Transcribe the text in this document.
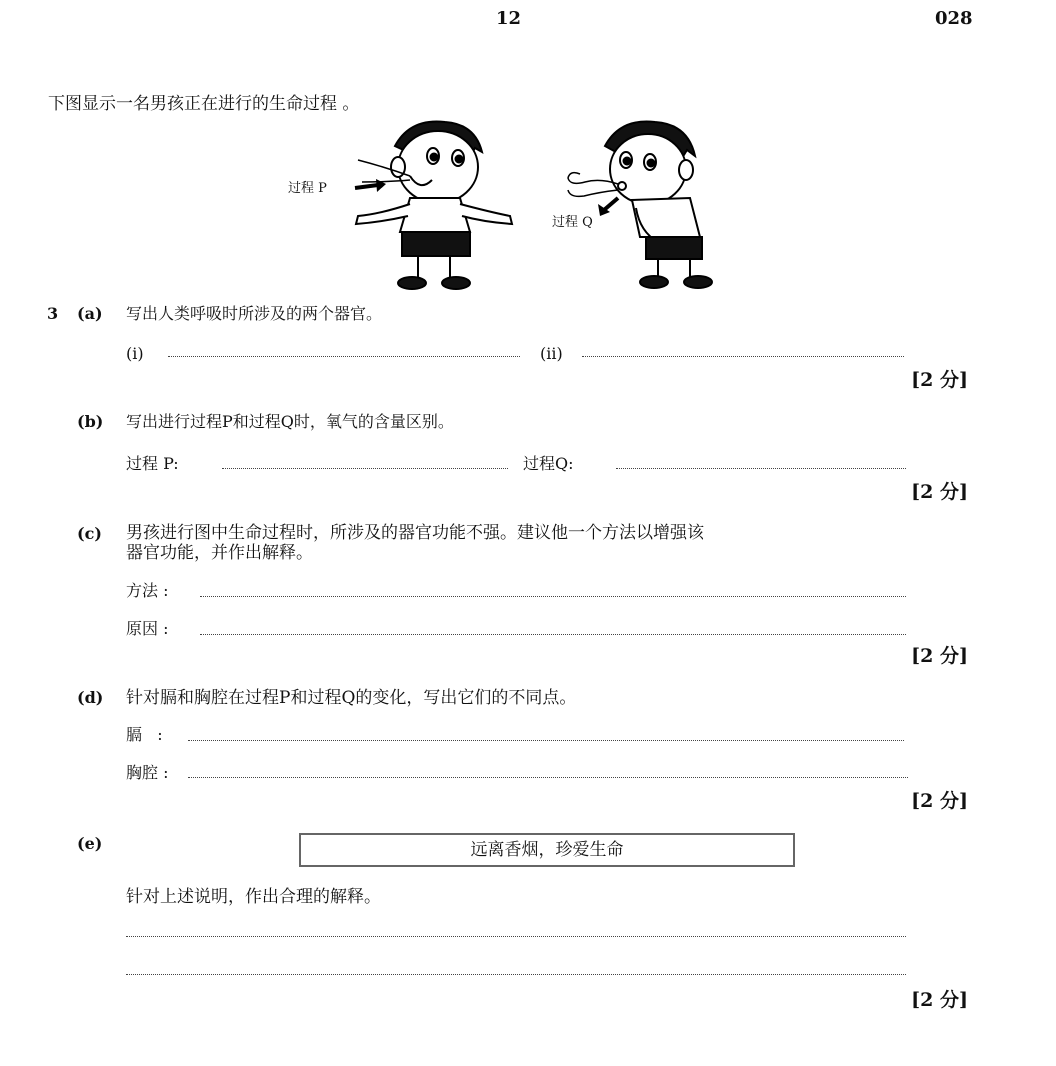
12	028
下图显示一名男孩正在进行的生命过程 。
过程 P
过程 Q
3 (a) 写出人类呼吸时所涉及的两个器官。
(i)	(ii)
[2 分]
(b) 写出进行过程P和过程Q时，氧气的含量区别。
过程 P:	过程Q:
[2 分]
(c) 男孩进行图中生命过程时，所涉及的器官功能不强。建议他一个方法以增强该
器官功能，并作出解释。
方法 :
原因 :
[2 分]
(d) 针对膈和胸腔在过程P和过程Q的变化，写出它们的不同点。
膈   :
胸腔 :
[2 分]
(e)	远离香烟，珍爱生命
针对上述说明，作出合理的解释。
[2 分]
